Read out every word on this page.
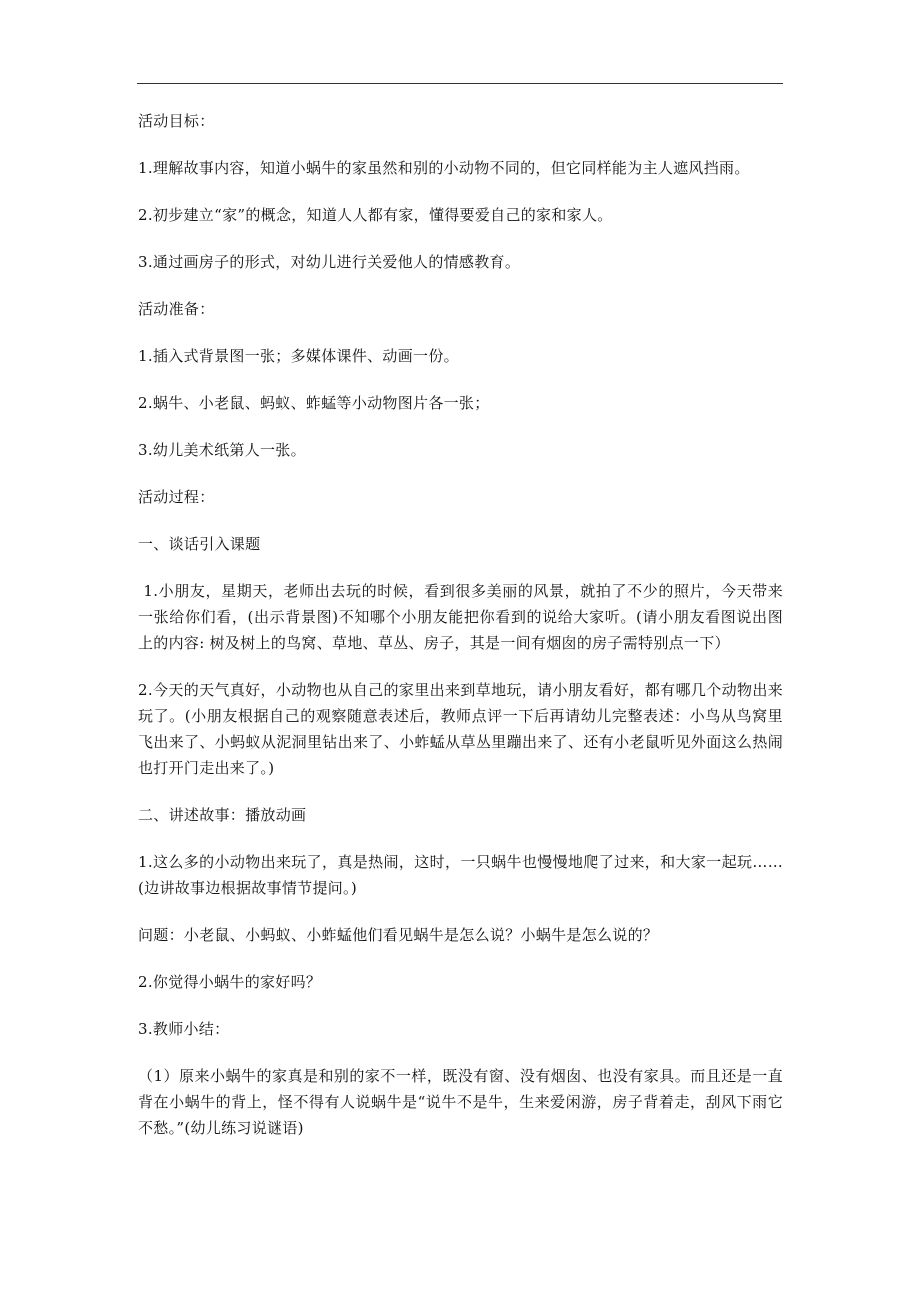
活动目标：

1.理解故事内容，知道小蜗牛的家虽然和别的小动物不同的，但它同样能为主人遮风挡雨。

2.初步建立“家”的概念，知道人人都有家，懂得要爱自己的家和家人。

3.通过画房子的形式，对幼儿进行关爱他人的情感教育。

活动准备：

1.插入式背景图一张；多媒体课件、动画一份。

2.蜗牛、小老鼠、蚂蚁、蚱蜢等小动物图片各一张；

3.幼儿美术纸第人一张。

活动过程：

一、谈话引入课题

1.小朋友，星期天，老师出去玩的时候，看到很多美丽的风景，就拍了不少的照片，今天带来一张给你们看，(出示背景图)不知哪个小朋友能把你看到的说给大家听。(请小朋友看图说出图上的内容: 树及树上的鸟窝、草地、草丛、房子，其是一间有烟囱的房子需特别点一下）

2.今天的天气真好，小动物也从自己的家里出来到草地玩，请小朋友看好，都有哪几个动物出来玩了。(小朋友根据自己的观察随意表述后，教师点评一下后再请幼儿完整表述：小鸟从鸟窝里飞出来了、小蚂蚁从泥洞里钻出来了、小蚱蜢从草丛里蹦出来了、还有小老鼠听见外面这么热闹也打开门走出来了。)

二、讲述故事：播放动画

1.这么多的小动物出来玩了，真是热闹，这时，一只蜗牛也慢慢地爬了过来，和大家一起玩……  (边讲故事边根据故事情节提问。)

问题：小老鼠、小蚂蚁、小蚱蜢他们看见蜗牛是怎么说？小蜗牛是怎么说的？

2.你觉得小蜗牛的家好吗？

3.教师小结：

（1）原来小蜗牛的家真是和别的家不一样，既没有窗、没有烟囱、也没有家具。而且还是一直背在小蜗牛的背上，怪不得有人说蜗牛是“说牛不是牛，生来爱闲游，房子背着走，刮风下雨它不愁。”(幼儿练习说谜语)
